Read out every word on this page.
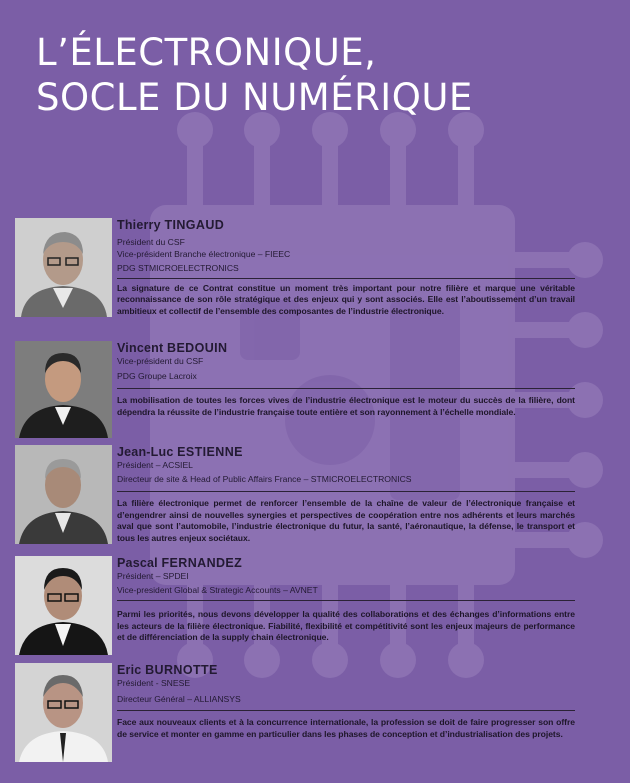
L’ÉLECTRONIQUE,
SOCLE DU NUMÉRIQUE
Thierry TINGAUD
Président du CSF
Vice-président Branche électronique – FIEEC
PDG STMICROELECTRONICS
La signature de ce Contrat constitue un moment très important pour notre filière et marque une véritable reconnaissance de son rôle stratégique et des enjeux qui y sont associés. Elle est l’aboutissement d’un travail ambitieux et collectif de l’ensemble des composantes de l’industrie électronique.
Vincent BEDOUIN
Vice-président du CSF
PDG Groupe Lacroix
La mobilisation de toutes les forces vives de l’industrie électronique est le moteur du succès de la filière, dont dépendra la réussite de l’industrie française toute entière et son rayonnement à l’échelle mondiale.
Jean-Luc ESTIENNE
Président – ACSIEL
Directeur de site & Head of Public Affairs France – STMICROELECTRONICS
La filière électronique permet de renforcer l’ensemble de la chaîne de valeur de l’électronique française et d’engendrer ainsi de nouvelles synergies et perspectives de coopération entre nos adhérents et leurs marchés aval que sont l’automobile, l’industrie électronique du futur, la santé, l’aéronautique, la défense, le transport et tous les autres enjeux sociétaux.
Pascal FERNANDEZ
Président – SPDEI
Vice-president Global & Strategic Accounts – AVNET
Parmi les priorités, nous devons développer la qualité des collaborations et des échanges d’informations entre les acteurs de la filière électronique. Fiabilité, flexibilité et compétitivité sont les enjeux majeurs de performance et de différenciation de la supply chain électronique.
Eric BURNOTTE
Président - SNESE
Directeur Général – ALLIANSYS
Face aux nouveaux clients et à la concurrence internationale, la profession se doit de faire progresser son offre de service et monter en gamme en particulier dans les phases de conception et d’industrialisation des projets.
